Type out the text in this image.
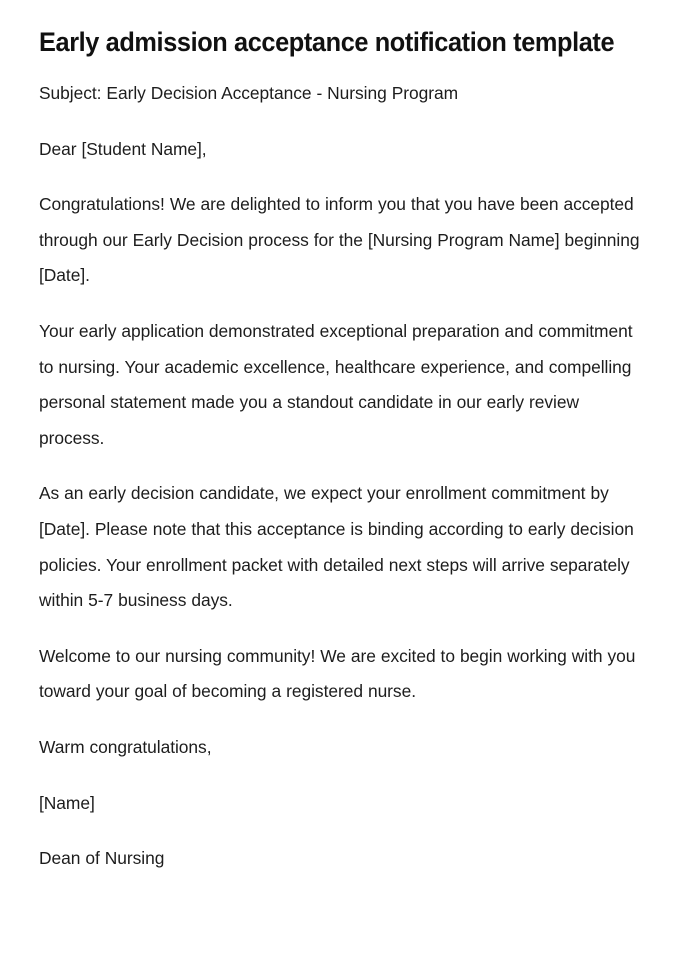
Early admission acceptance notification template

Subject: Early Decision Acceptance - Nursing Program

Dear [Student Name],

Congratulations! We are delighted to inform you that you have been accepted through our Early Decision process for the [Nursing Program Name] beginning [Date].

Your early application demonstrated exceptional preparation and commitment to nursing. Your academic excellence, healthcare experience, and compelling personal statement made you a standout candidate in our early review process.

As an early decision candidate, we expect your enrollment commitment by [Date]. Please note that this acceptance is binding according to early decision policies. Your enrollment packet with detailed next steps will arrive separately within 5-7 business days.

Welcome to our nursing community! We are excited to begin working with you toward your goal of becoming a registered nurse.

Warm congratulations,

[Name]

Dean of Nursing
